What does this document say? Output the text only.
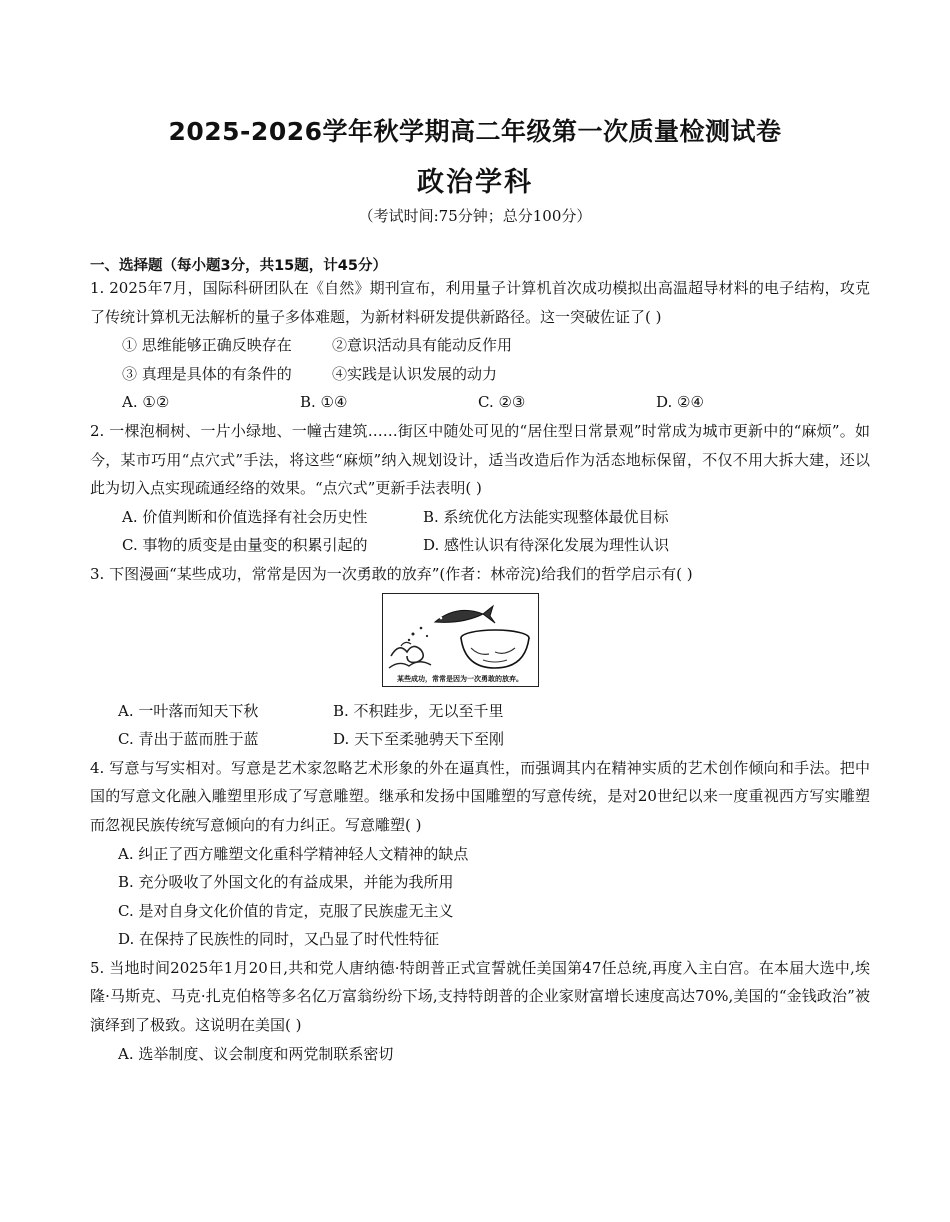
2025-2026学年秋学期高二年级第一次质量检测试卷
政治学科
（考试时间:75分钟；总分100分）
一、选择题（每小题3分，共15题，计45分）

1. 2025年7月，国际科研团队在《自然》期刊宣布，利用量子计算机首次成功模拟出高温超导材料的电子结构，攻克了传统计算机无法解析的量子多体难题，为新材料研发提供新路径。这一突破佐证了( )

① 思维能够正确反映存在	②意识活动具有能动反作用
③ 真理是具体的有条件的	④实践是认识发展的动力
A. ①②	B. ①④	C. ②③	D. ②④

2. 一棵泡桐树、一片小绿地、一幢古建筑……街区中随处可见的“居住型日常景观”时常成为城市更新中的“麻烦”。如今，某市巧用“点穴式”手法，将这些“麻烦”纳入规划设计，适当改造后作为活态地标保留，不仅不用大拆大建，还以此为切入点实现疏通经络的效果。“点穴式”更新手法表明( )

A. 价值判断和价值选择有社会历史性	B. 系统优化方法能实现整体最优目标
C. 事物的质变是由量变的积累引起的	D. 感性认识有待深化发展为理性认识

3. 下图漫画“某些成功，常常是因为一次勇敢的放弃”(作者：林帝浣)给我们的哲学启示有( )

某些成功，常常是因为一次勇敢的放弃。
A. 一叶落而知天下秋	B. 不积跬步，无以至千里
C. 青出于蓝而胜于蓝	D. 天下至柔驰骋天下至刚

4. 写意与写实相对。写意是艺术家忽略艺术形象的外在逼真性，而强调其内在精神实质的艺术创作倾向和手法。把中国的写意文化融入雕塑里形成了写意雕塑。继承和发扬中国雕塑的写意传统，是对20世纪以来一度重视西方写实雕塑而忽视民族传统写意倾向的有力纠正。写意雕塑( )

A. 纠正了西方雕塑文化重科学精神轻人文精神的缺点
B. 充分吸收了外国文化的有益成果，并能为我所用
C. 是对自身文化价值的肯定，克服了民族虚无主义
D. 在保持了民族性的同时，又凸显了时代性特征

5. 当地时间2025年1月20日,共和党人唐纳德·特朗普正式宣誓就任美国第47任总统,再度入主白宫。在本届大选中,埃隆·马斯克、马克·扎克伯格等多名亿万富翁纷纷下场,支持特朗普的企业家财富增长速度高达70%,美国的“金钱政治”被演绎到了极致。这说明在美国( )

A. 选举制度、议会制度和两党制联系密切
